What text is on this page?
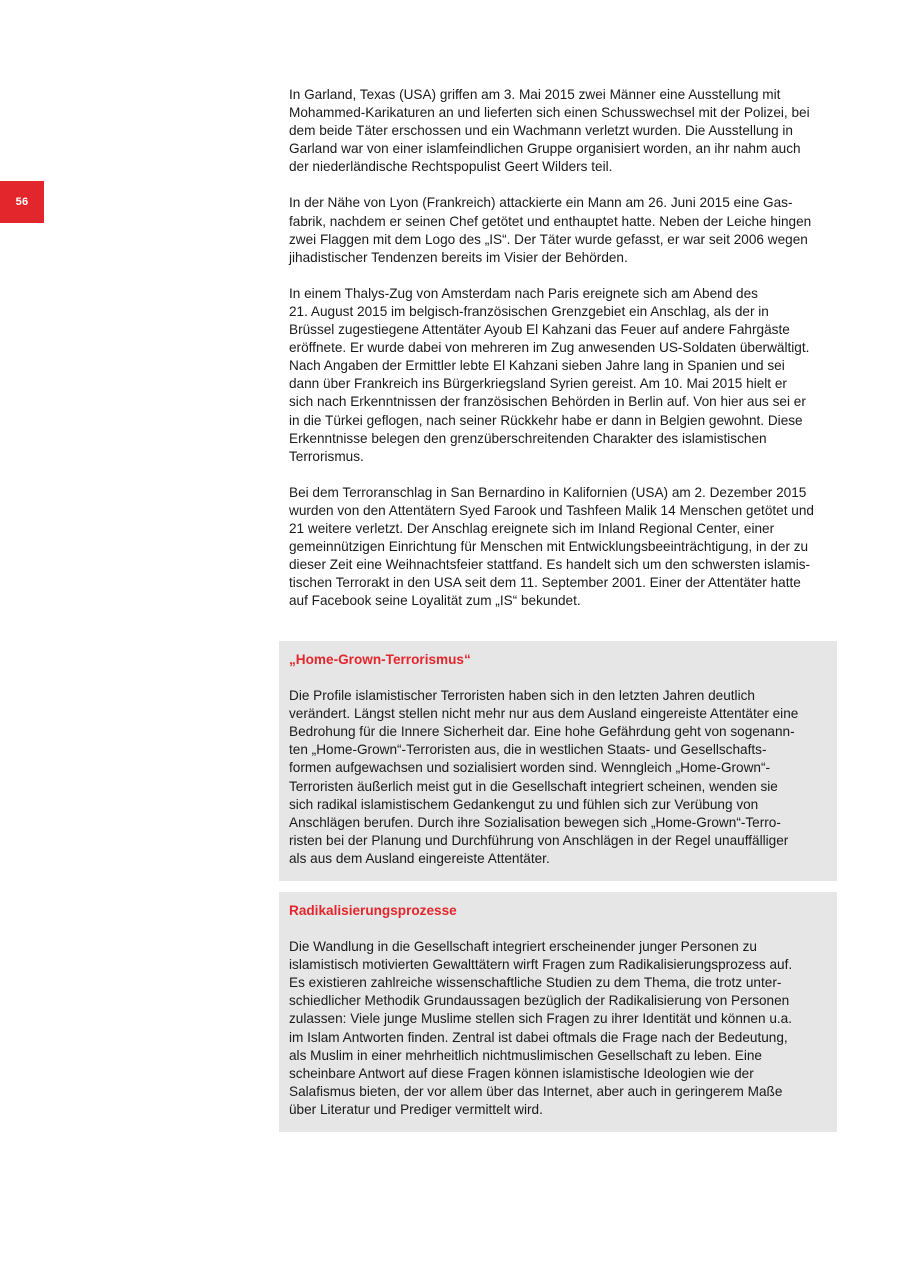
56

In Garland, Texas (USA) griffen am 3. Mai 2015 zwei Männer eine Ausstellung mit
Mohammed-Karikaturen an und lieferten sich einen Schusswechsel mit der Polizei, bei
dem beide Täter erschossen und ein Wachmann verletzt wurden. Die Ausstellung in
Garland war von einer islamfeindlichen Gruppe organisiert worden, an ihr nahm auch
der niederländische Rechtspopulist Geert Wilders teil.

In der Nähe von Lyon (Frankreich) attackierte ein Mann am 26. Juni 2015 eine Gas-
fabrik, nachdem er seinen Chef getötet und enthauptet hatte. Neben der Leiche hingen
zwei Flaggen mit dem Logo des „IS“. Der Täter wurde gefasst, er war seit 2006 wegen
jihadistischer Tendenzen bereits im Visier der Behörden.

In einem Thalys-Zug von Amsterdam nach Paris ereignete sich am Abend des
21. August 2015 im belgisch-französischen Grenzgebiet ein Anschlag, als der in
Brüssel zugestiegene Attentäter Ayoub El Kahzani das Feuer auf andere Fahrgäste
eröffnete. Er wurde dabei von mehreren im Zug anwesenden US-Soldaten überwältigt.
Nach Angaben der Ermittler lebte El Kahzani sieben Jahre lang in Spanien und sei
dann über Frankreich ins Bürgerkriegsland Syrien gereist. Am 10. Mai 2015 hielt er
sich nach Erkenntnissen der französischen Behörden in Berlin auf. Von hier aus sei er
in die Türkei geflogen, nach seiner Rückkehr habe er dann in Belgien gewohnt. Diese
Erkenntnisse belegen den grenzüberschreitenden Charakter des islamistischen
Terrorismus.

Bei dem Terroranschlag in San Bernardino in Kalifornien (USA) am 2. Dezember 2015
wurden von den Attentätern Syed Farook und Tashfeen Malik 14 Menschen getötet und
21 weitere verletzt. Der Anschlag ereignete sich im Inland Regional Center, einer
gemeinnützigen Einrichtung für Menschen mit Entwicklungsbeeinträchtigung, in der zu
dieser Zeit eine Weihnachtsfeier stattfand. Es handelt sich um den schwersten islamis-
tischen Terrorakt in den USA seit dem 11. September 2001. Einer der Attentäter hatte
auf Facebook seine Loyalität zum „IS“ bekundet.

„Home-Grown-Terrorismus“

Die Profile islamistischer Terroristen haben sich in den letzten Jahren deutlich
verändert. Längst stellen nicht mehr nur aus dem Ausland eingereiste Attentäter eine
Bedrohung für die Innere Sicherheit dar. Eine hohe Gefährdung geht von sogenann-
ten „Home-Grown“-Terroristen aus, die in westlichen Staats- und Gesellschafts-
formen aufgewachsen und sozialisiert worden sind. Wenngleich „Home-Grown“-
Terroristen äußerlich meist gut in die Gesellschaft integriert scheinen, wenden sie
sich radikal islamistischem Gedankengut zu und fühlen sich zur Verübung von
Anschlägen berufen. Durch ihre Sozialisation bewegen sich „Home-Grown“-Terro-
risten bei der Planung und Durchführung von Anschlägen in der Regel unauffälliger
als aus dem Ausland eingereiste Attentäter.

Radikalisierungsprozesse

Die Wandlung in die Gesellschaft integriert erscheinender junger Personen zu
islamistisch motivierten Gewalttätern wirft Fragen zum Radikalisierungsprozess auf.
Es existieren zahlreiche wissenschaftliche Studien zu dem Thema, die trotz unter-
schiedlicher Methodik Grundaussagen bezüglich der Radikalisierung von Personen
zulassen: Viele junge Muslime stellen sich Fragen zu ihrer Identität und können u.a.
im Islam Antworten finden. Zentral ist dabei oftmals die Frage nach der Bedeutung,
als Muslim in einer mehrheitlich nichtmuslimischen Gesellschaft zu leben. Eine
scheinbare Antwort auf diese Fragen können islamistische Ideologien wie der
Salafismus bieten, der vor allem über das Internet, aber auch in geringerem Maße
über Literatur und Prediger vermittelt wird.
